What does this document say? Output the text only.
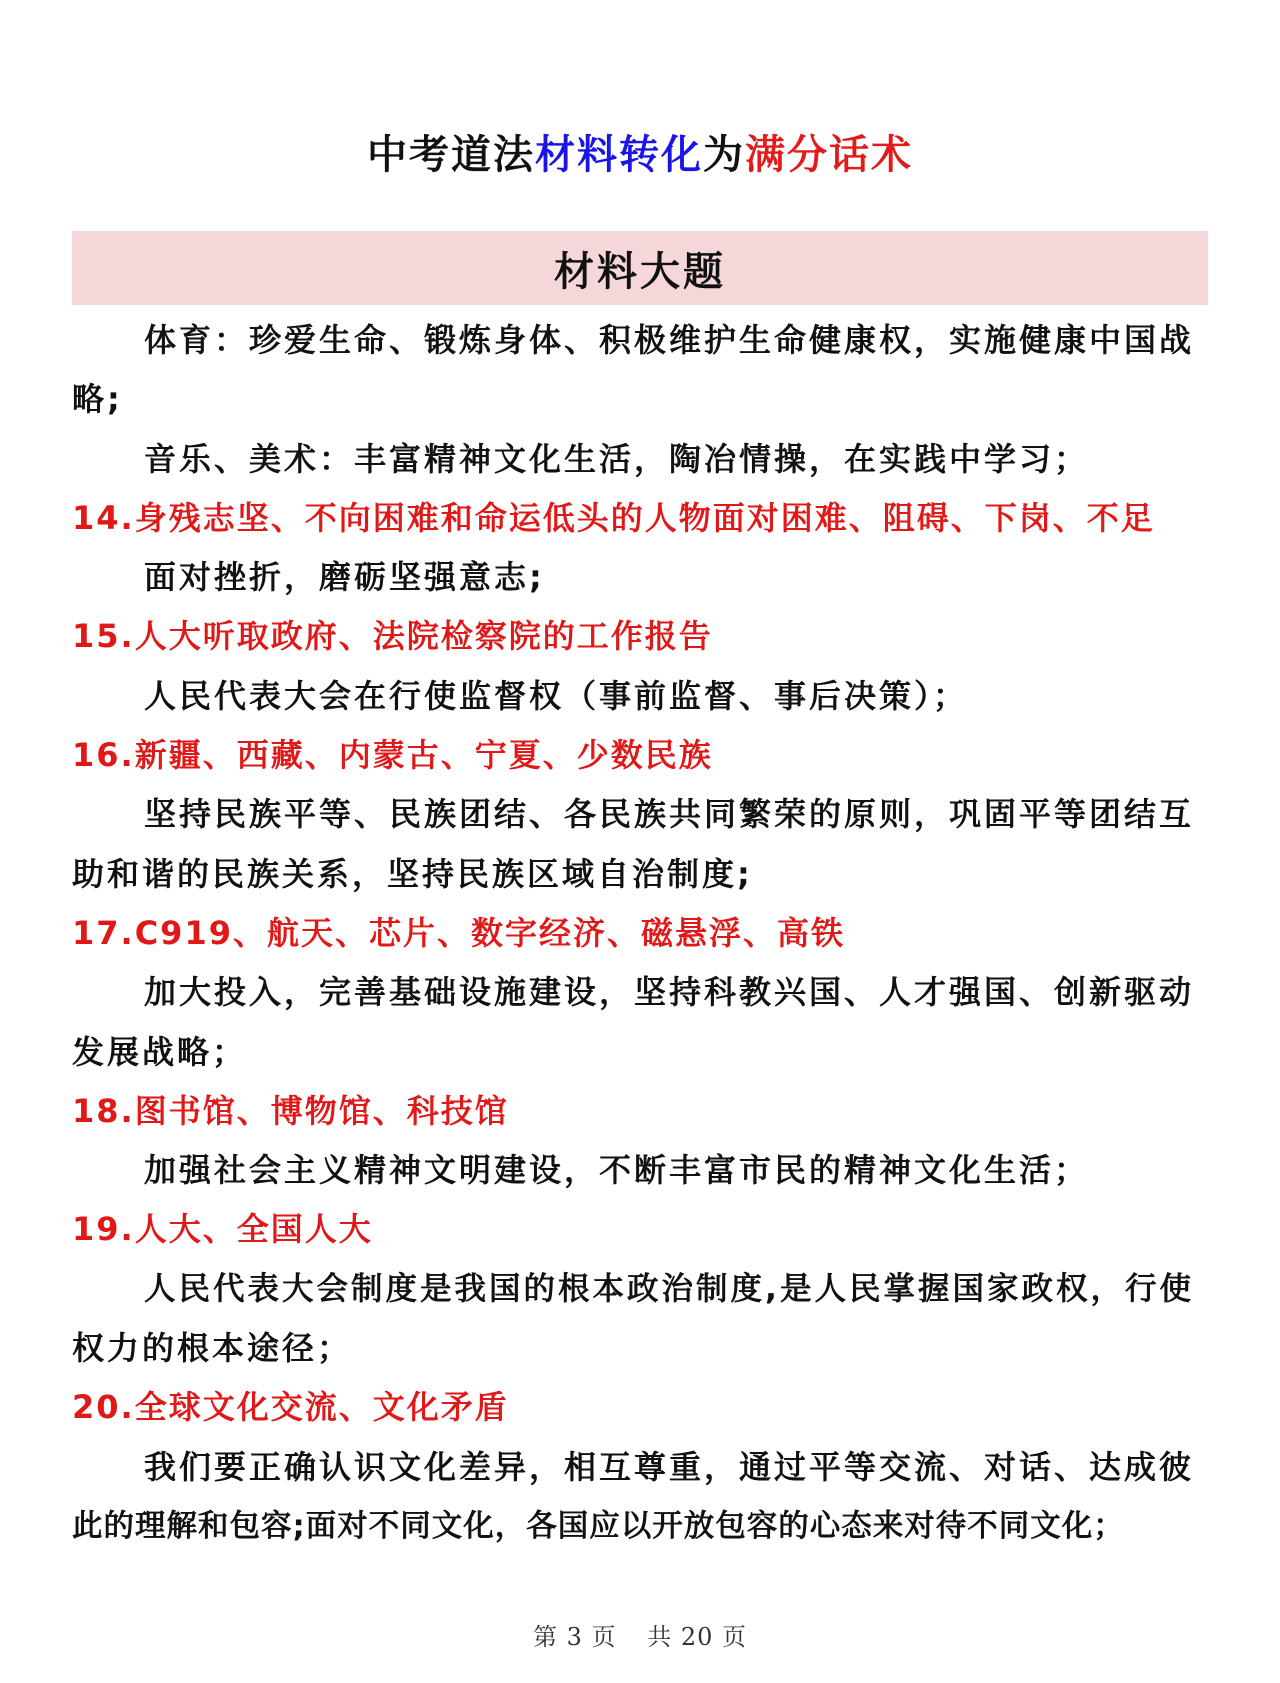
中考道法材料转化为满分话术
材料大题
体育：珍爱生命、锻炼身体、积极维护生命健康权，实施健康中国战
略;
音乐、美术：丰富精神文化生活，陶冶情操，在实践中学习；
14.身残志坚、不向困难和命运低头的人物面对困难、阻碍、下岗、不足
面对挫折，磨砺坚强意志;
15.人大听取政府、法院检察院的工作报告
人民代表大会在行使监督权（事前监督、事后决策）；
16.新疆、西藏、内蒙古、宁夏、少数民族
坚持民族平等、民族团结、各民族共同繁荣的原则，巩固平等团结互
助和谐的民族关系，坚持民族区域自治制度;
17.C919、航天、芯片、数字经济、磁悬浮、高铁
加大投入，完善基础设施建设，坚持科教兴国、人才强国、创新驱动
发展战略；
18.图书馆、博物馆、科技馆
加强社会主义精神文明建设，不断丰富市民的精神文化生活；
19.人大、全国人大
人民代表大会制度是我国的根本政治制度,是人民掌握国家政权，行使
权力的根本途径；
20.全球文化交流、文化矛盾
我们要正确认识文化差异，相互尊重，通过平等交流、对话、达成彼
此的理解和包容;面对不同文化，各国应以开放包容的心态来对待不同文化；
第 3 页 共 20 页
